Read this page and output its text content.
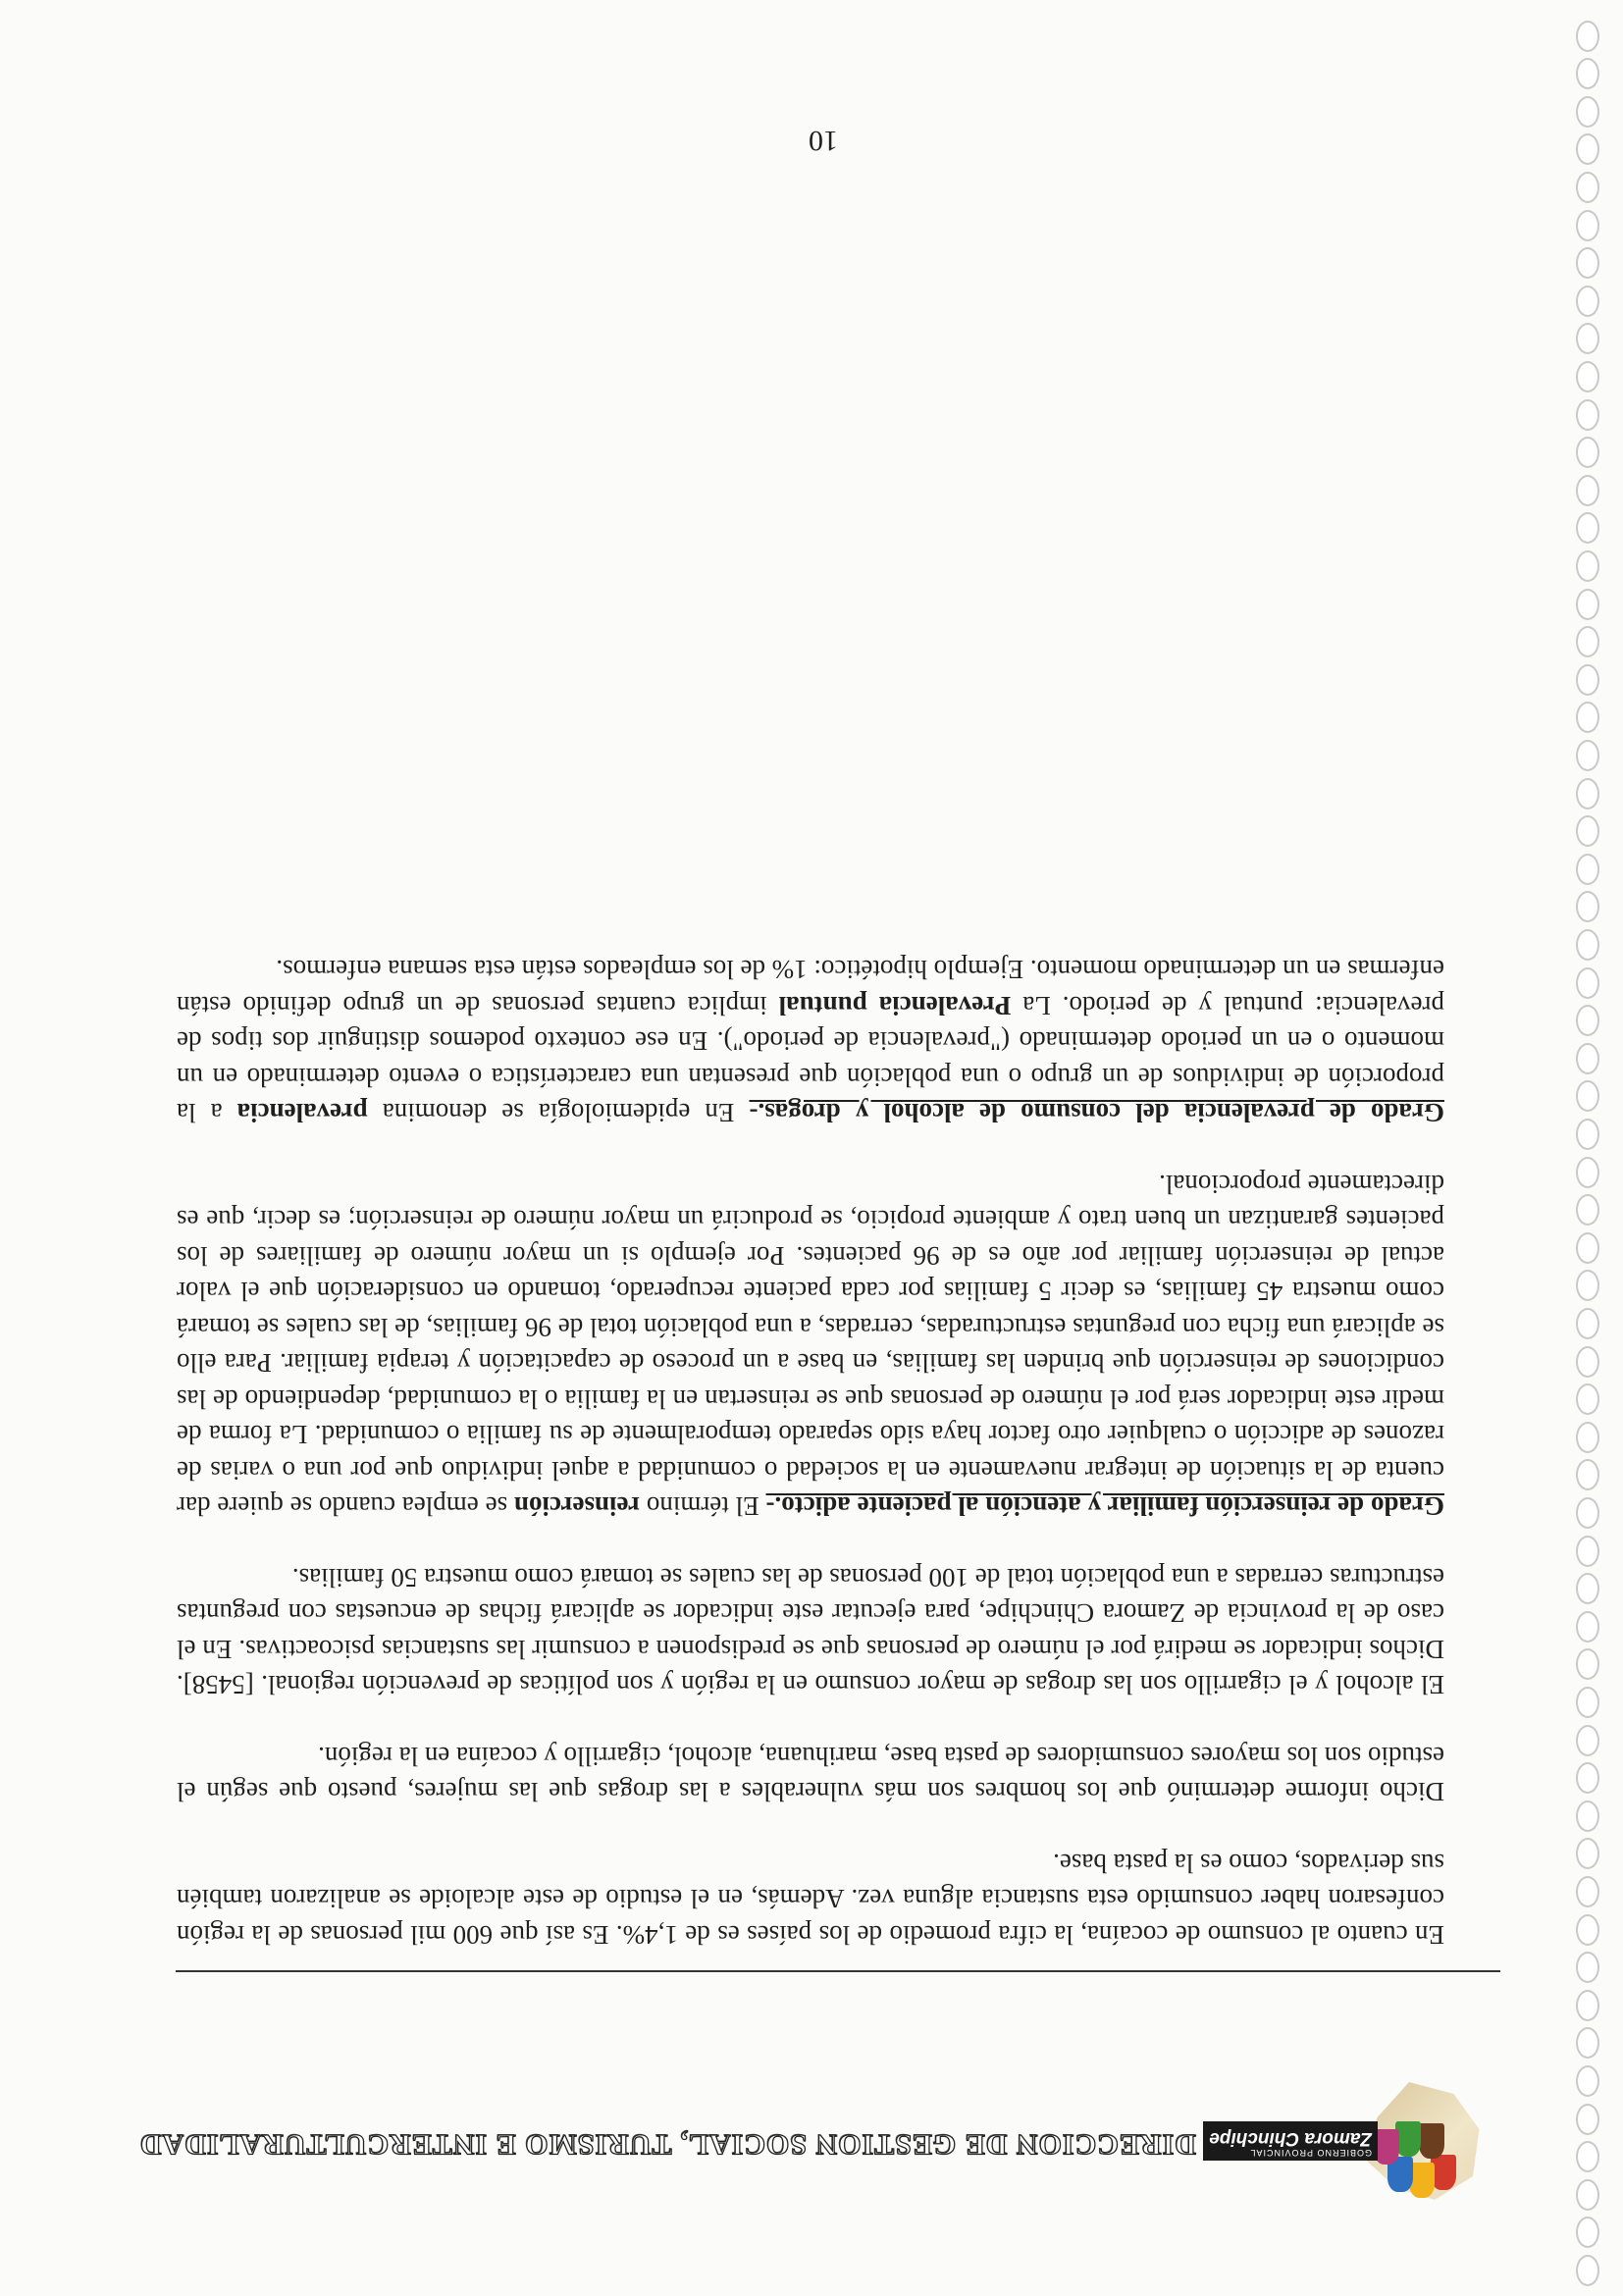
GOBIERNO PROVINCIAL
Zamora Chinchipe
DIRECCION DE GESTION SOCIAL, TURISMO E INTERCULTURALIDAD

En cuanto al consumo de cocaína, la cifra promedio de los países es de 1,4%. Es así que 600 mil personas de la región confesaron haber consumido esta sustancia alguna vez. Además, en el estudio de este alcaloide se analizaron también sus derivados, como es la pasta base.

Dicho informe determinó que los hombres son más vulnerables a las drogas que las mujeres, puesto que según el estudio son los mayores consumidores de pasta base, marihuana, alcohol, cigarrillo y cocaína en la región.

El alcohol y el cigarrillo son las drogas de mayor consumo en la región y son políticas de prevención regional. [5458]. Dichos indicador se medirá por el número de personas que se predisponen a consumir las sustancias psicoactivas. En el caso de la provincia de Zamora Chinchipe, para ejecutar este indicador se aplicará fichas de encuestas con preguntas estructuras cerradas a una población total de 100 personas de las cuales se tomará como muestra 50 familias.

Grado de reinserción familiar y atención al paciente adicto.- El término reinserción se emplea cuando se quiere dar cuenta de la situación de integrar nuevamente en la sociedad o comunidad a aquel individuo que por una o varias de razones de adicción o cualquier otro factor haya sido separado temporalmente de su familia o comunidad. La forma de medir este indicador será por el número de personas que se reinsertan en la familia o la comunidad, dependiendo de las condiciones de reinserción que brinden las familias, en base a un proceso de capacitación y terapia familiar. Para ello se aplicará una ficha con preguntas estructuradas, cerradas, a una población total de 96 familias, de las cuales se tomará como muestra 45 familias, es decir 5 familias por cada paciente recuperado, tomando en consideración que el valor actual de reinserción familiar por año es de 96 pacientes. Por ejemplo si un mayor número de familiares de los pacientes garantizan un buen trato y ambiente propicio, se producirá un mayor número de reinserción; es decir, que es directamente proporcional.

Grado de prevalencia del consumo de alcohol y drogas.- En epidemiología se denomina prevalencia a la proporción de individuos de un grupo o una población que presentan una característica o evento determinado en un momento o en un periodo determinado ("prevalencia de periodo"). En ese contexto podemos distinguir dos tipos de prevalencia: puntual y de periodo. La Prevalencia puntual implica cuantas personas de un grupo definido están enfermas en un determinado momento. Ejemplo hipotético: 1% de los empleados están esta semana enfermos.

10
